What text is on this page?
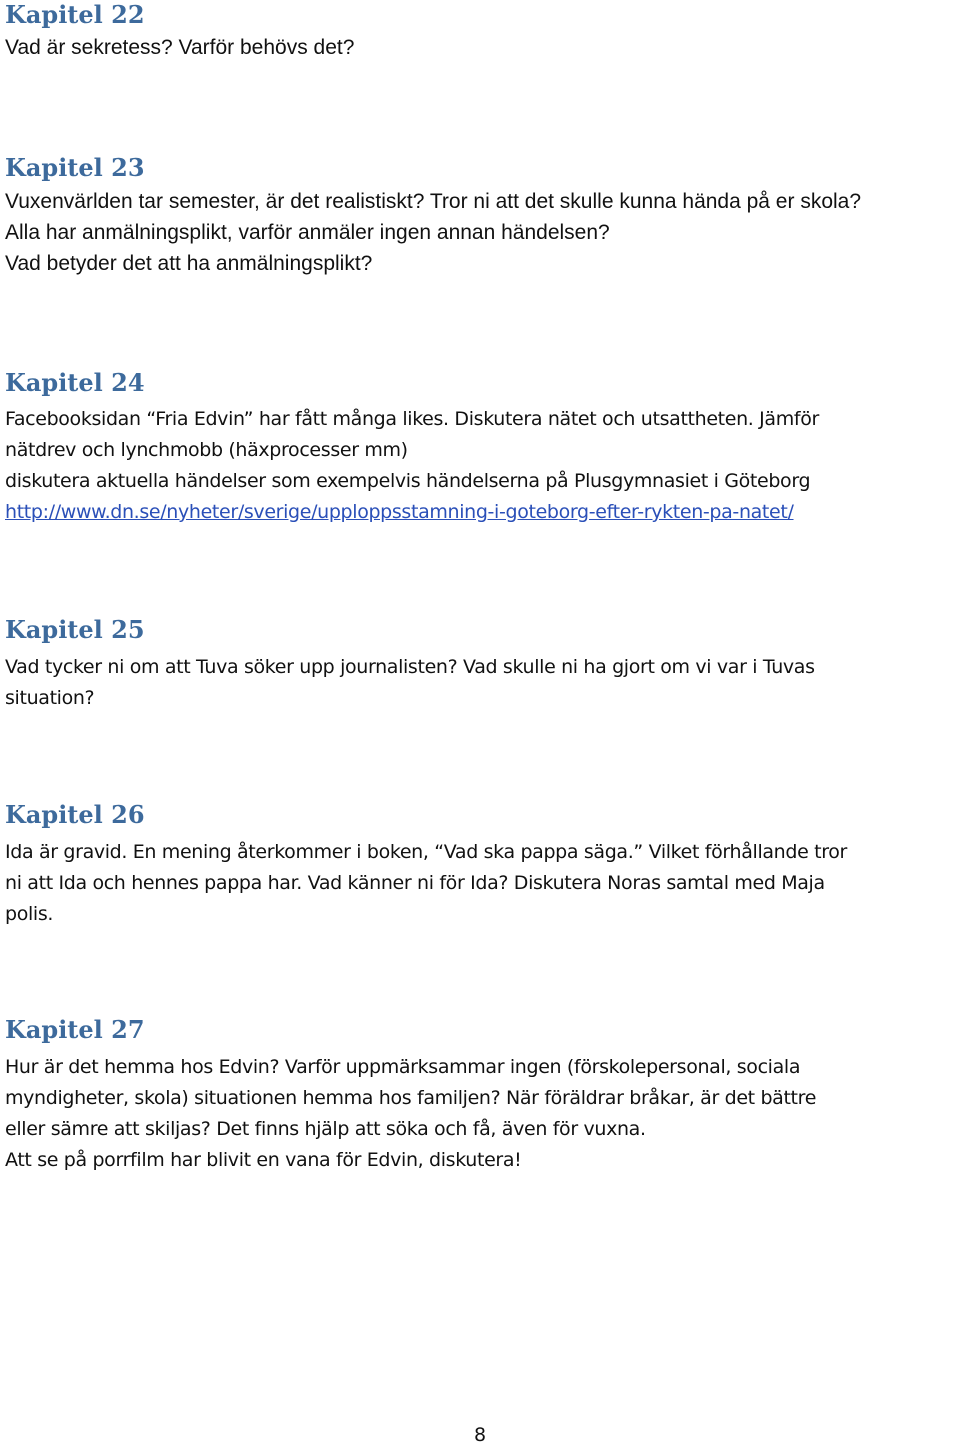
Kapitel 22

Vad är sekretess? Varför behövs det?

Kapitel 23

Vuxenvärlden tar semester, är det realistiskt? Tror ni att det skulle kunna hända på er skola?
Alla har anmälningsplikt, varför anmäler ingen annan händelsen?
Vad betyder det att ha anmälningsplikt?

Kapitel 24

Facebooksidan “Fria Edvin” har fått många likes. Diskutera nätet och utsattheten. Jämför
nätdrev och lynchmobb (häxprocesser mm)
diskutera aktuella händelser som exempelvis händelserna på Plusgymnasiet i Göteborg
http://www.dn.se/nyheter/sverige/upploppsstamning-i-goteborg-efter-rykten-pa-natet/

Kapitel 25

Vad tycker ni om att Tuva söker upp journalisten? Vad skulle ni ha gjort om vi var i Tuvas
situation?

Kapitel 26

Ida är gravid. En mening återkommer i boken, “Vad ska pappa säga.” Vilket förhållande tror
ni att Ida och hennes pappa har. Vad känner ni för Ida? Diskutera Noras samtal med Maja
polis.

Kapitel 27

Hur är det hemma hos Edvin? Varför uppmärksammar ingen (förskolepersonal, sociala
myndigheter, skola) situationen hemma hos familjen? När föräldrar bråkar, är det bättre
eller sämre att skiljas? Det finns hjälp att söka och få, även för vuxna.
Att se på porrfilm har blivit en vana för Edvin, diskutera!

8
